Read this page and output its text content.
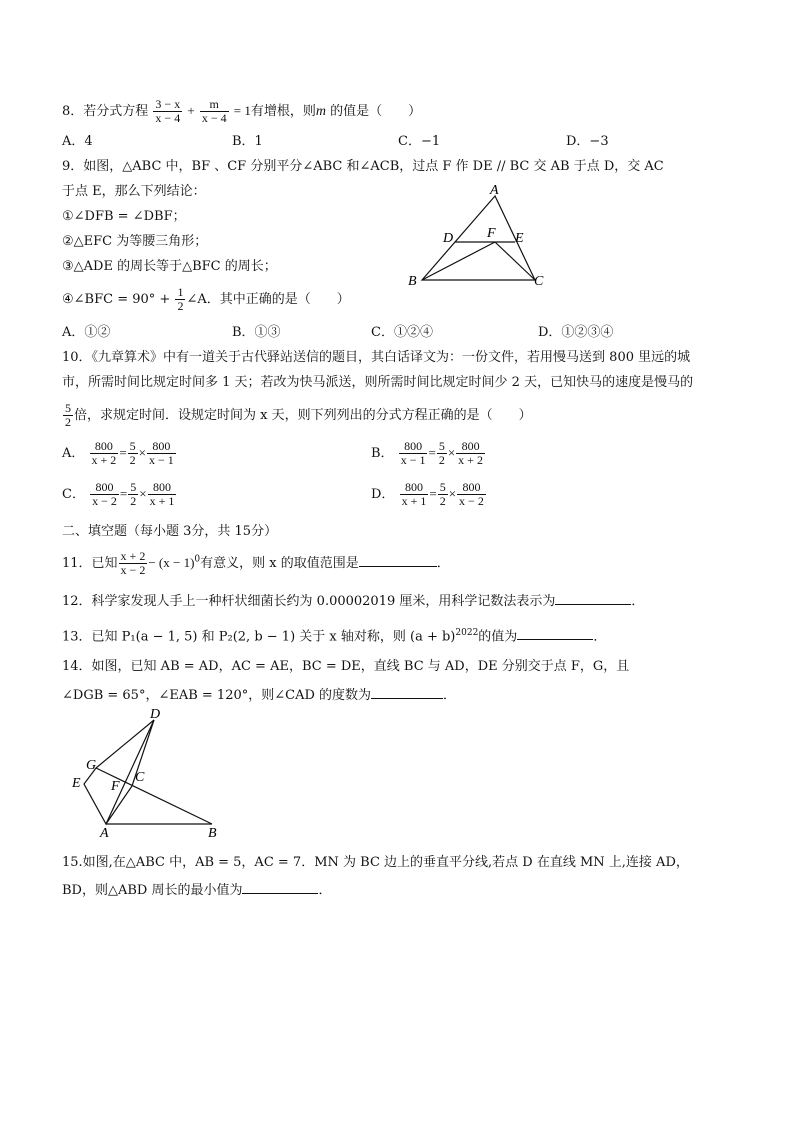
8．若分式方程 $\frac{3 - x}{x - 4} + \frac{m}{x - 4} = 1$有增根，则m 的值是（　　）
A．4	B．1	C．−1	D．−3
9．如图，△ABC 中，BF 、CF 分别平分∠ABC 和∠ACB，过点 F 作 DE // BC 交 AB 于点 D，交 AC
于点 E，那么下列结论：
①∠DFB = ∠DBF；
②△EFC 为等腰三角形；
③△ADE 的周长等于△BFC 的周长；
④∠BFC = $90^\circ + \frac{1}{2}$ ∠A．其中正确的是（　　）
A
B	C
D	E
F
A．①②	B．①③	C．①②④	D．①②③④
10．《九章算术》中有一道关于古代驿站送信的题目，其白话译文为：一份文件，若用慢马送到 800 里远的城
市，所需时间比规定时间多 1 天；若改为快马派送，则所需时间比规定时间少 2 天，已知快马的速度是慢马的
$\frac{5}{2}$ 倍，求规定时间．设规定时间为 x 天，则下列列出的分式方程正确的是（　　）
A． $\frac{800}{x + 2} = \frac{5}{2} \times \frac{800}{x - 1}$	B． $\frac{800}{x - 1} = \frac{5}{2} \times \frac{800}{x + 2}$
C． $\frac{800}{x - 2} = \frac{5}{2} \times \frac{800}{x + 1}$	D． $\frac{800}{x + 1} = \frac{5}{2} \times \frac{800}{x - 2}$
二、填空题（每小题 3分，共 15分）
11．已知 $\frac{x + 2}{x - 2} - (x - 1)^0$有意义，则 x 的取值范围是	．
12．科学家发现人手上一种杆状细菌长约为 0.00002019 厘米，用科学记数法表示为	．
13．已知 P₁(a − 1, 5) 和 P₂(2, b − 1) 关于 x 轴对称，则 $(a + b)^{2022}$的值为	．
14．如图，已知 AB = AD，AC = AE，BC = DE，直线 BC 与 AD，DE 分别交于点 F，G，且
∠DGB = 65°，∠EAB = 120°，则∠CAD 的度数为	．
D
G
E	C
F
A	B
15.如图,在△ABC 中，AB = 5，AC = 7．MN 为 BC 边上的垂直平分线,若点 D 在直线 MN 上,连接 AD，
BD，则△ABD 周长的最小值为	．
